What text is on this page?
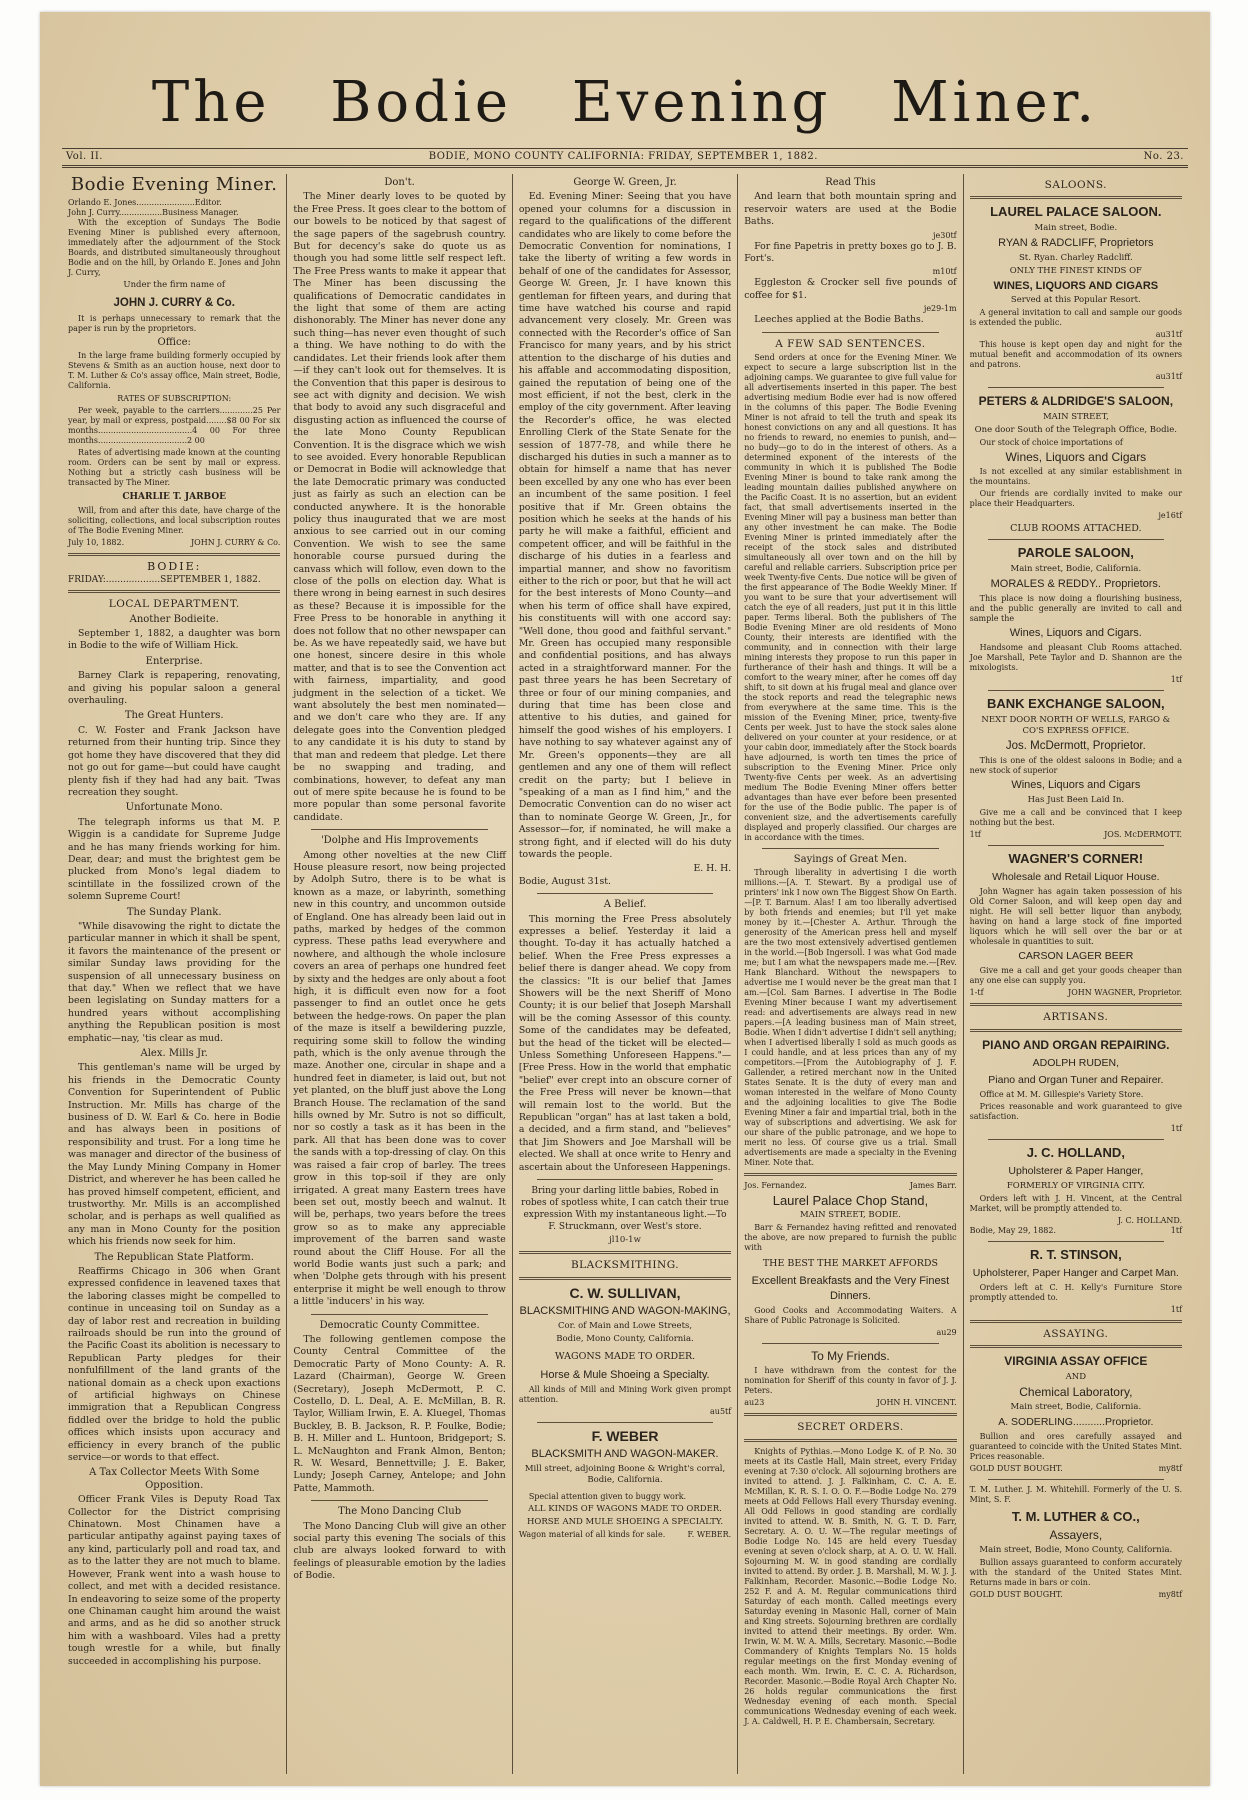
The Bodie Evening Miner.
Vol. II.	BODIE, MONO COUNTY CALIFORNIA: FRIDAY, SEPTEMBER 1, 1882.	No. 23.
Bodie Evening Miner.
Orlando E. Jones.......................Editor.
John J. Curry.................Business Manager.

With the exception of Sundays The Bodie Evening Miner is published every afternoon, immediately after the adjournment of the Stock Boards, and distributed simultaneously throughout Bodie and on the hill, by Orlando E. Jones and John J. Curry,

Under the firm name of
JOHN J. CURRY & Co.

It is perhaps unnecessary to remark that the paper is run by the proprietors.

Office:

In the large frame building formerly occupied by Stevens & Smith as an auction house, next door to T. M. Luther & Co's assay office, Main street, Bodie, California.

RATES OF SUBSCRIPTION:

Per week, payable to the carriers.............25 Per year, by mail or express, postpaid........$8 00 For six months.....................................4 00 For three months...................................2 00

Rates of advertising made known at the counting room. Orders can be sent by mail or express. Nothing but a strictly cash business will be transacted by The Miner.

CHARLIE T. JARBOE

Will, from and after this date, have charge of the soliciting, collections, and local subscription routes of The Bodie Evening Miner.

July 10, 1882.	JOHN J. CURRY & Co.
BODIE:
FRIDAY:...................SEPTEMBER 1, 1882.
LOCAL DEPARTMENT.
Another Bodieite.

September 1, 1882, a daughter was born in Bodie to the wife of William Hick.

Enterprise.

Barney Clark is repapering, renovating, and giving his popular saloon a general overhauling.

The Great Hunters.

C. W. Foster and Frank Jackson have returned from their hunting trip. Since they got home they have discovered that they did not go out for game—but could have caught plenty fish if they had had any bait. 'Twas recreation they sought.

Unfortunate Mono.

The telegraph informs us that M. P. Wiggin is a candidate for Supreme Judge and he has many friends working for him. Dear, dear; and must the brightest gem be plucked from Mono's legal diadem to scintillate in the fossilized crown of the solemn Supreme Court!

The Sunday Plank.

"While disavowing the right to dictate the particular manner in which it shall be spent, it favors the maintenance of the present or similar Sunday laws providing for the suspension of all unnecessary business on that day." When we reflect that we have been legislating on Sunday matters for a hundred years without accomplishing anything the Republican position is most emphatic—nay, 'tis clear as mud.

Alex. Mills Jr.

This gentleman's name will be urged by his friends in the Democratic County Convention for Superintendent of Public Instruction. Mr. Mills has charge of the business of D. W. Earl & Co. here in Bodie and has always been in positions of responsibility and trust. For a long time he was manager and director of the business of the May Lundy Mining Company in Homer District, and wherever he has been called he has proved himself competent, efficient, and trustworthy. Mr. Mills is an accomplished scholar, and is perhaps as well qualified as any man in Mono County for the position which his friends now seek for him.

The Republican State Platform.

Reaffirms Chicago in 306 when Grant expressed confidence in leavened taxes that the laboring classes might be compelled to continue in unceasing toil on Sunday as a day of labor rest and recreation in building railroads should be run into the ground of the Pacific Coast its abolition is necessary to Republican Party pledges for their nonfulfillment of the land grants of the national domain as a check upon exactions of artificial highways on Chinese immigration that a Republican Congress fiddled over the bridge to hold the public offices which insists upon accuracy and efficiency in every branch of the public service—or words to that effect.

A Tax Collector Meets With Some Opposition.

Officer Frank Viles is Deputy Road Tax Collector for the District comprising Chinatown. Most Chinamen have a particular antipathy against paying taxes of any kind, particularly poll and road tax, and as to the latter they are not much to blame. However, Frank went into a wash house to collect, and met with a decided resistance. In endeavoring to seize some of the property one Chinaman caught him around the waist and arms, and as he did so another struck him with a washboard. Viles had a pretty tough wrestle for a while, but finally succeeded in accomplishing his purpose.

Don't.

The Miner dearly loves to be quoted by the Free Press. It goes clear to the bottom of our bowels to be noticed by that sagest of the sage papers of the sagebrush country. But for decency's sake do quote us as though you had some little self respect left. The Free Press wants to make it appear that The Miner has been discussing the qualifications of Democratic candidates in the light that some of them are acting dishonorably. The Miner has never done any such thing—has never even thought of such a thing. We have nothing to do with the candidates. Let their friends look after them—if they can't look out for themselves. It is the Convention that this paper is desirous to see act with dignity and decision. We wish that body to avoid any such disgraceful and disgusting action as influenced the course of the late Mono County Republican Convention. It is the disgrace which we wish to see avoided. Every honorable Republican or Democrat in Bodie will acknowledge that the late Democratic primary was conducted just as fairly as such an election can be conducted anywhere. It is the honorable policy thus inaugurated that we are most anxious to see carried out in our coming Convention. We wish to see the same honorable course pursued during the canvass which will follow, even down to the close of the polls on election day. What is there wrong in being earnest in such desires as these? Because it is impossible for the Free Press to be honorable in anything it does not follow that no other newspaper can be. As we have repeatedly said, we have but one honest, sincere desire in this whole matter, and that is to see the Convention act with fairness, impartiality, and good judgment in the selection of a ticket. We want absolutely the best men nominated—and we don't care who they are. If any delegate goes into the Convention pledged to any candidate it is his duty to stand by that man and redeem that pledge. Let there be no swapping and trading, and combinations, however, to defeat any man out of mere spite because he is found to be more popular than some personal favorite candidate.

'Dolphe and His Improvements

Among other novelties at the new Cliff House pleasure resort, now being projected by Adolph Sutro, there is to be what is known as a maze, or labyrinth, something new in this country, and uncommon outside of England. One has already been laid out in paths, marked by hedges of the common cypress. These paths lead everywhere and nowhere, and although the whole inclosure covers an area of perhaps one hundred feet by sixty and the hedges are only about a foot high, it is difficult even now for a foot passenger to find an outlet once he gets between the hedge-rows. On paper the plan of the maze is itself a bewildering puzzle, requiring some skill to follow the winding path, which is the only avenue through the maze. Another one, circular in shape and a hundred feet in diameter, is laid out, but not yet planted, on the bluff just above the Long Branch House. The reclamation of the sand hills owned by Mr. Sutro is not so difficult, nor so costly a task as it has been in the park. All that has been done was to cover the sands with a top-dressing of clay. On this was raised a fair crop of barley. The trees grow in this top-soil if they are only irrigated. A great many Eastern trees have been set out, mostly beech and walnut. It will be, perhaps, two years before the trees grow so as to make any appreciable improvement of the barren sand waste round about the Cliff House. For all the world Bodie wants just such a park; and when 'Dolphe gets through with his present enterprise it might be well enough to throw a little 'inducers' in his way.

Democratic County Committee.

The following gentlemen compose the County Central Committee of the Democratic Party of Mono County: A. R. Lazard (Chairman), George W. Green (Secretary), Joseph McDermott, P. C. Costello, D. L. Deal, A. E. McMillan, B. R. Taylor, William Irwin, E. A. Kluegel, Thomas Buckley, B. B. Jackson, R. P. Foulke, Bodie; B. H. Miller and L. Huntoon, Bridgeport; S. L. McNaughton and Frank Almon, Benton; R. W. Wesard, Bennettville; J. E. Baker, Lundy; Joseph Carney, Antelope; and John Patte, Mammoth.

The Mono Dancing Club

The Mono Dancing Club will give an other social party this evening The socials of this club are always looked forward to with feelings of pleasurable emotion by the ladies of Bodie.

George W. Green, Jr.

Ed. Evening Miner: Seeing that you have opened your columns for a discussion in regard to the qualifications of the different candidates who are likely to come before the Democratic Convention for nominations, I take the liberty of writing a few words in behalf of one of the candidates for Assessor, George W. Green, Jr. I have known this gentleman for fifteen years, and during that time have watched his course and rapid advancement very closely. Mr. Green was connected with the Recorder's office of San Francisco for many years, and by his strict attention to the discharge of his duties and his affable and accommodating disposition, gained the reputation of being one of the most efficient, if not the best, clerk in the employ of the city government. After leaving the Recorder's office, he was elected Enrolling Clerk of the State Senate for the session of 1877-78, and while there he discharged his duties in such a manner as to obtain for himself a name that has never been excelled by any one who has ever been an incumbent of the same position. I feel positive that if Mr. Green obtains the position which he seeks at the hands of his party he will make a faithful, efficient and competent officer, and will be faithful in the discharge of his duties in a fearless and impartial manner, and show no favoritism either to the rich or poor, but that he will act for the best interests of Mono County—and when his term of office shall have expired, his constituents will with one accord say: "Well done, thou good and faithful servant." Mr. Green has occupied many responsible and confidential positions, and has always acted in a straightforward manner. For the past three years he has been Secretary of three or four of our mining companies, and during that time has been close and attentive to his duties, and gained for himself the good wishes of his employers. I have nothing to say whatever against any of Mr. Green's opponents—they are all gentlemen and any one of them will reflect credit on the party; but I believe in "speaking of a man as I find him," and the Democratic Convention can do no wiser act than to nominate George W. Green, Jr., for Assessor—for, if nominated, he will make a strong fight, and if elected will do his duty towards the people.

E. H. H.
Bodie, August 31st.
A Belief.

This morning the Free Press absolutely expresses a belief. Yesterday it laid a thought. To-day it has actually hatched a belief. When the Free Press expresses a belief there is danger ahead. We copy from the classics: "It is our belief that James Showers will be the next Sheriff of Mono County; it is our belief that Joseph Marshall will be the coming Assessor of this county. Some of the candidates may be defeated, but the head of the ticket will be elected—Unless Something Unforeseen Happens."—[Free Press. How in the world that emphatic "belief" ever crept into an obscure corner of the Free Press will never be known—that will remain lost to the world. But the Republican "organ" has at last taken a bold, a decided, and a firm stand, and "believes" that Jim Showers and Joe Marshall will be elected. We shall at once write to Henry and ascertain about the Unforeseen Happenings.

Bring your darling little babies, Robed in robes of spotless white, I can catch their true expression With my instantaneous light.—To F. Struckmann, over West's store.
jl10-1w
BLACKSMITHING.
C. W. SULLIVAN,
BLACKSMITHING AND WAGON-MAKING,
Cor. of Main and Lowe Streets,
Bodie, Mono County, California.
WAGONS MADE TO ORDER.
Horse & Mule Shoeing a Specialty.

All kinds of Mill and Mining Work given prompt attention.

au5tf
F. WEBER
BLACKSMITH AND WAGON-MAKER.
Mill street, adjoining Boone & Wright's corral, Bodie, California.

Special attention given to buggy work.

ALL KINDS OF WAGONS MADE TO ORDER.
HORSE AND MULE SHOEING A SPECIALTY.
Wagon material of all kinds for sale.	F. WEBER.
Read This

And learn that both mountain spring and reservoir waters are used at the Bodie Baths.

je30tf

For fine Papetris in pretty boxes go to J. B. Fort's.

m10tf

Eggleston & Crocker sell five pounds of coffee for $1.

je29-1m

Leeches applied at the Bodie Baths.

A FEW SAD SENTENCES.

Send orders at once for the Evening Miner. We expect to secure a large subscription list in the adjoining camps. We guarantee to give full value for all advertisements inserted in this paper. The best advertising medium Bodie ever had is now offered in the columns of this paper. The Bodie Evening Miner is not afraid to tell the truth and speak its honest convictions on any and all questions. It has no friends to reward, no enemies to punish, and—no budy—go to do in the interest of others. As a determined exponent of the interests of the community in which it is published The Bodie Evening Miner is bound to take rank among the leading mountain dailies published anywhere on the Pacific Coast. It is no assertion, but an evident fact, that small advertisements inserted in the Evening Miner will pay a business man better than any other investment he can make. The Bodie Evening Miner is printed immediately after the receipt of the stock sales and distributed simultaneously all over town and on the hill by careful and reliable carriers. Subscription price per week Twenty-five Cents. Due notice will be given of the first appearance of The Bodie Weekly Miner. If you want to be sure that your advertisement will catch the eye of all readers, just put it in this little paper. Terms liberal. Both the publishers of The Bodie Evening Miner are old residents of Mono County, their interests are identified with the community, and in connection with their large mining interests they propose to run this paper in furtherance of their hash and things. It will be a comfort to the weary miner, after he comes off day shift, to sit down at his frugal meal and glance over the stock reports and read the telegraphic news from everywhere at the same time. This is the mission of the Evening Miner, price, twenty-five Cents per week. Just to have the stock sales alone delivered on your counter at your residence, or at your cabin door, immediately after the Stock boards have adjourned, is worth ten times the price of subscription to the Evening Miner. Price only Twenty-five Cents per week. As an advertising medium The Bodie Evening Miner offers better advantages than have ever before been presented for the use of the Bodie public. The paper is of convenient size, and the advertisements carefully displayed and properly classified. Our charges are in accordance with the times.

Sayings of Great Men.

Through liberality in advertising I die worth millions.—[A. T. Stewart. By a prodigal use of printers' ink I now own The Biggest Show On Earth.—[P. T. Barnum. Alas! I am too liberally advertised by both friends and enemies; but I'll yet make money by it.—[Chester A. Arthur. Through the generosity of the American press hell and myself are the two most extensively advertised gentlemen in the world.—[Bob Ingersoll. I was what God made me; but I am what the newspapers made me.—[Rev. Hank Blanchard. Without the newspapers to advertise me I would never be the great man that I am.—[Col. Sam Barnes. I advertise in The Bodie Evening Miner because I want my advertisement read: and advertisements are always read in new papers.—[A leading business man of Main street, Bodie. When I didn't advertise I didn't sell anything; when I advertised liberally I sold as much goods as I could handle, and at less prices than any of my competitors.—[From the Autobiography of J. F. Gallender, a retired merchant now in the United States Senate. It is the duty of every man and woman interested in the welfare of Mono County and the adjoining localities to give The Bodie Evening Miner a fair and impartial trial, both in the way of subscriptions and advertising. We ask for our share of the public patronage, and we hope to merit no less. Of course give us a trial. Small advertisements are made a specialty in the Evening Miner. Note that.

Jos. Fernandez.	James Barr.
Laurel Palace Chop Stand,
MAIN STREET, BODIE.

Barr & Fernandez having refitted and renovated the above, are now prepared to furnish the public with

THE BEST THE MARKET AFFORDS
Excellent Breakfasts and the Very Finest Dinners.

Good Cooks and Accommodating Waiters. A Share of Public Patronage is Solicited.

au29
To My Friends.

I have withdrawn from the contest for the nomination for Sheriff of this county in favor of J. J. Peters.

au23	JOHN H. VINCENT.
SECRET ORDERS.

Knights of Pythias.—Mono Lodge K. of P. No. 30 meets at its Castle Hall, Main street, every Friday evening at 7:30 o'clock. All sojourning brothers are invited to attend. J. J. Falkinham, C. C. A. E. McMillan, K. R. S. I. O. O. F.—Bodie Lodge No. 279 meets at Odd Fellows Hall every Thursday evening. All Odd Fellows in good standing are cordially invited to attend. W. B. Smith, N. G. T. D. Farr, Secretary. A. O. U. W.—The regular meetings of Bodie Lodge No. 145 are held every Tuesday evening at seven o'clock sharp, at A. O. U. W. Hall. Sojourning M. W. in good standing are cordially invited to attend. By order. J. B. Marshall, M. W. J. J. Falkinham, Recorder. Masonic.—Bodie Lodge No. 252 F. and A. M. Regular communications third Saturday of each month. Called meetings every Saturday evening in Masonic Hall, corner of Main and King streets. Sojourning brethren are cordially invited to attend their meetings. By order. Wm. Irwin, W. M. W. A. Mills, Secretary. Masonic.—Bodie Commandery of Knights Templars No. 15 holds regular meetings on the first Monday evening of each month. Wm. Irwin, E. C. C. A. Richardson, Recorder. Masonic.—Bodie Royal Arch Chapter No. 26 holds regular communications the first Wednesday evening of each month. Special communications Wednesday evening of each week. J. A. Caldwell, H. P. E. Chambersain, Secretary.

SALOONS.
LAUREL PALACE SALOON.
Main street, Bodie.
RYAN & RADCLIFF, Proprietors
St. Ryan. Charley Radcliff.
ONLY THE FINEST KINDS OF
WINES, LIQUORS AND CIGARS
Served at this Popular Resort.

A general invitation to call and sample our goods is extended the public.

au31tf

This house is kept open day and night for the mutual benefit and accommodation of its owners and patrons.

au31tf
PETERS & ALDRIDGE'S SALOON,
MAIN STREET,
One door South of the Telegraph Office, Bodie.

Our stock of choice importations of

Wines, Liquors and Cigars

Is not excelled at any similar establishment in the mountains.

Our friends are cordially invited to make our place their Headquarters.

je16tf
CLUB ROOMS ATTACHED.
PAROLE SALOON,
Main street, Bodie, California.
MORALES & REDDY.. Proprietors.

This place is now doing a flourishing business, and the public generally are invited to call and sample the

Wines, Liquors and Cigars.

Handsome and pleasant Club Rooms attached. Joe Marshall, Pete Taylor and D. Shannon are the mixologists.

1tf
BANK EXCHANGE SALOON,
NEXT DOOR NORTH OF WELLS, FARGO & CO'S EXPRESS OFFICE.
Jos. McDermott, Proprietor.

This is one of the oldest saloons in Bodie; and a new stock of superior

Wines, Liquors and Cigars
Has Just Been Laid In.

Give me a call and be convinced that I keep nothing but the best.

1tf	JOS. McDERMOTT.
WAGNER'S CORNER!
Wholesale and Retail Liquor House.

John Wagner has again taken possession of his Old Corner Saloon, and will keep open day and night. He will sell better liquor than anybody, having on hand a large stock of fine imported liquors which he will sell over the bar or at wholesale in quantities to suit.

CARSON LAGER BEER

Give me a call and get your goods cheaper than any one else can supply you.

1-tf	JOHN WAGNER, Proprietor.
ARTISANS.
PIANO AND ORGAN REPAIRING.
ADOLPH RUDEN,
Piano and Organ Tuner and Repairer.

Office at M. M. Gillespie's Variety Store.

Prices reasonable and work guaranteed to give satisfaction.

1tf
J. C. HOLLAND,
Upholsterer & Paper Hanger,
FORMERLY OF VIRGINIA CITY.

Orders left with J. H. Vincent, at the Central Market, will be promptly attended to.

J. C. HOLLAND.
Bodie, May 29, 1882.	1tf
R. T. STINSON,
Upholsterer, Paper Hanger and Carpet Man.

Orders left at C. H. Kelly's Furniture Store promptly attended to.

1tf
ASSAYING.
VIRGINIA ASSAY OFFICE
AND
Chemical Laboratory,
Main street, Bodie, California.
A. SODERLING...........Proprietor.

Bullion and ores carefully assayed and guaranteed to coincide with the United States Mint. Prices reasonable.

GOLD DUST BOUGHT.	my8tf
T. M. Luther. J. M. Whitehill. Formerly of the U. S. Mint, S. F.
T. M. LUTHER & CO.,
Assayers,
Main street, Bodie, Mono County, California.

Bullion assays guaranteed to conform accurately with the standard of the United States Mint. Returns made in bars or coin.

GOLD DUST BOUGHT.	my8tf
